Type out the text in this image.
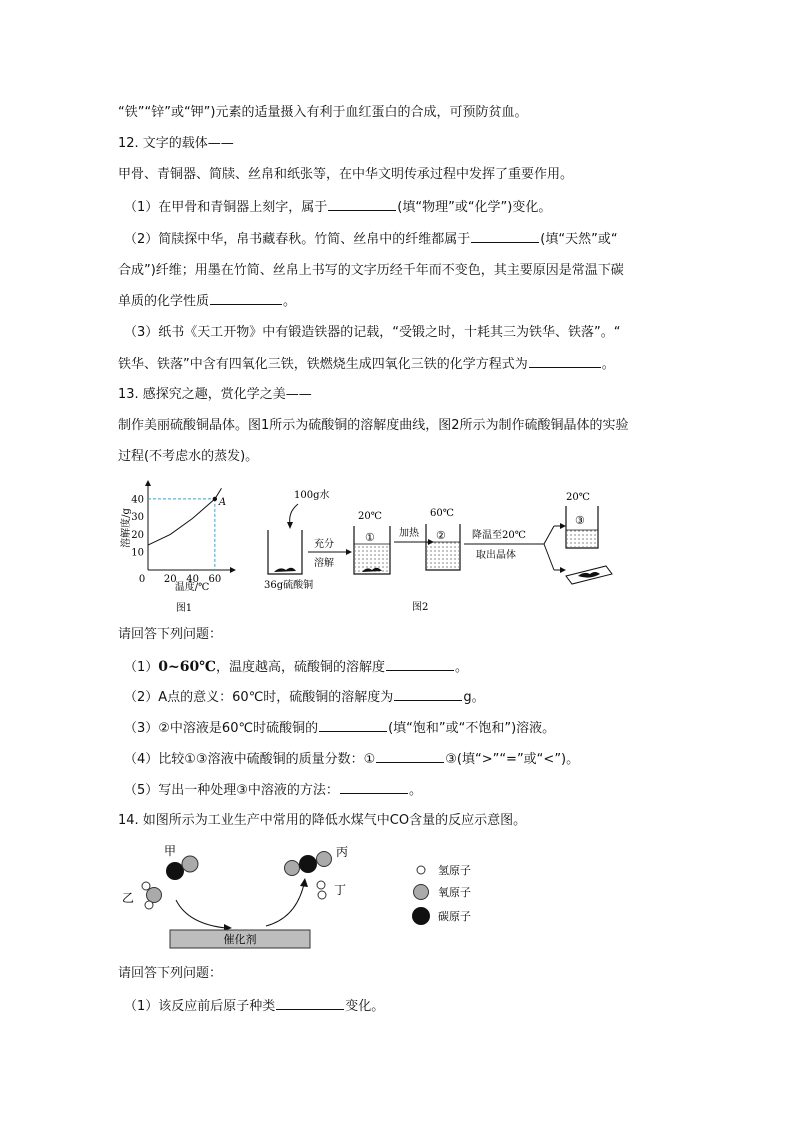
“铁”“锌”或“钾”)元素的适量摄入有利于血红蛋白的合成，可预防贫血。
12. 文字的载体——
甲骨、青铜器、简牍、丝帛和纸张等，在中华文明传承过程中发挥了重要作用。
（1）在甲骨和青铜器上刻字，属于	(填“物理”或“化学”)变化。
（2）简牍探中华，帛书藏春秋。竹简、丝帛中的纤维都属于	(填“天然”或“
合成”)纤维；用墨在竹简、丝帛上书写的文字历经千年而不变色，其主要原因是常温下碳
单质的化学性质	。
（3）纸书《天工开物》中有锻造铁器的记载，“受锻之时，十耗其三为铁华、铁落”。“
铁华、铁落”中含有四氧化三铁，铁燃烧生成四氧化三铁的化学方程式为	。
13. 感探究之趣，赏化学之美——
制作美丽硫酸铜晶体。图1所示为硫酸铜的溶解度曲线，图2所示为制作硫酸铜晶体的实验
过程(不考虑水的蒸发)。
10
20
30
40
0 20 40 60
A
溶解度/g
温度/℃
图1
100g水
36g硫酸铜
充分
溶解
20℃
① 加热
60℃
②	降温至20℃
取出晶体
20℃
③
图2
请回答下列问题：
（1）0~60℃，温度越高，硫酸铜的溶解度	。
（2）A点的意义：60℃时，硫酸铜的溶解度为	g。
（3）②中溶液是60℃时硫酸铜的	(填“饱和”或“不饱和”)溶液。
（4）比较①③溶液中硫酸铜的质量分数：①	③(填“>”“=”或“<”)。
（5）写出一种处理③中溶液的方法：	。
14. 如图所示为工业生产中常用的降低水煤气中CO含量的反应示意图。
甲
乙
催化剂
丙
丁
氢原子
氧原子
碳原子
请回答下列问题：
（1）该反应前后原子种类	变化。
